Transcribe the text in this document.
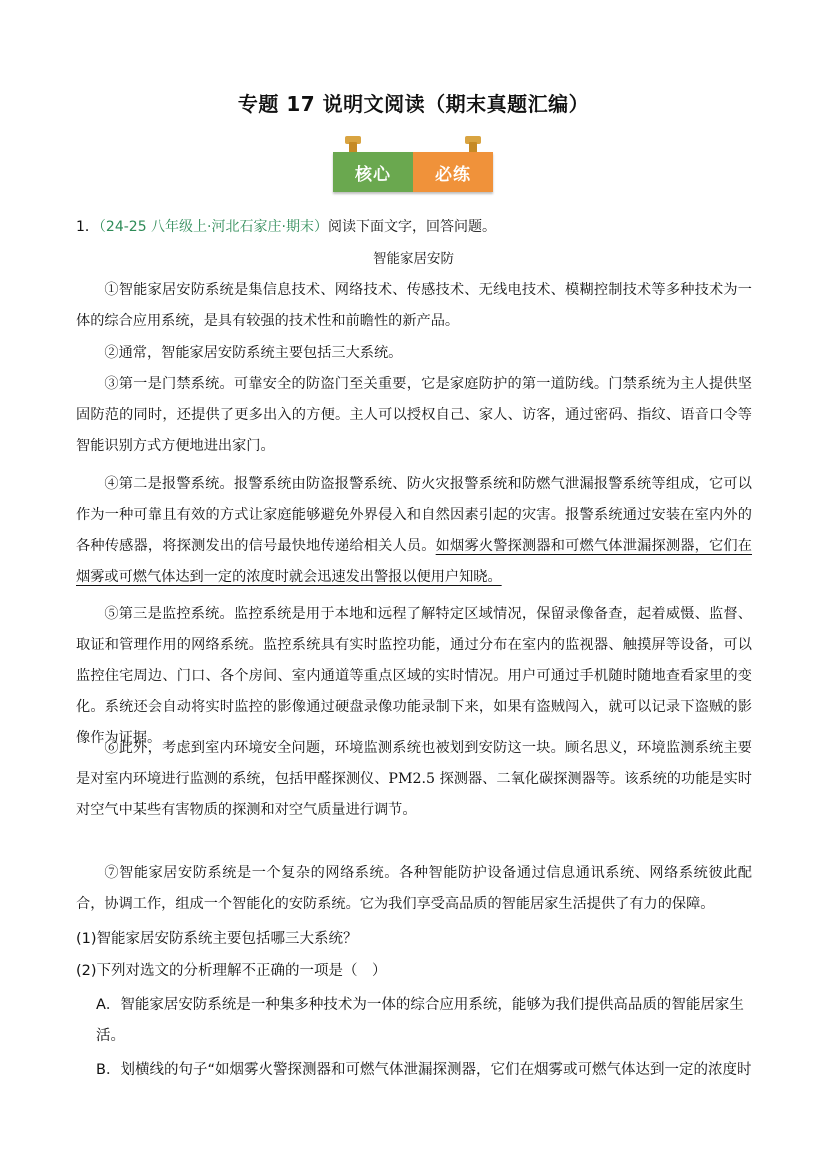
专题 17 说明文阅读（期末真题汇编）
核心	必练
1．（24-25 八年级上·河北石家庄·期末）阅读下面文字，回答问题。
智能家居安防
①智能家居安防系统是集信息技术、网络技术、传感技术、无线电技术、模糊控制技术等多种技术为一体的综合应用系统，是具有较强的技术性和前瞻性的新产品。
②通常，智能家居安防系统主要包括三大系统。
③第一是门禁系统。可靠安全的防盗门至关重要，它是家庭防护的第一道防线。门禁系统为主人提供坚固防范的同时，还提供了更多出入的方便。主人可以授权自己、家人、访客，通过密码、指纹、语音口令等智能识别方式方便地进出家门。
④第二是报警系统。报警系统由防盗报警系统、防火灾报警系统和防燃气泄漏报警系统等组成，它可以作为一种可靠且有效的方式让家庭能够避免外界侵入和自然因素引起的灾害。报警系统通过安装在室内外的各种传感器，将探测发出的信号最快地传递给相关人员。如烟雾火警探测器和可燃气体泄漏探测器，它们在烟雾或可燃气体达到一定的浓度时就会迅速发出警报以便用户知晓。
⑤第三是监控系统。监控系统是用于本地和远程了解特定区域情况，保留录像备查，起着威慑、监督、取证和管理作用的网络系统。监控系统具有实时监控功能，通过分布在室内的监视器、触摸屏等设备，可以监控住宅周边、门口、各个房间、室内通道等重点区域的实时情况。用户可通过手机随时随地查看家里的变化。系统还会自动将实时监控的影像通过硬盘录像功能录制下来，如果有盗贼闯入，就可以记录下盗贼的影像作为证据。
⑥此外，考虑到室内环境安全问题，环境监测系统也被划到安防这一块。顾名思义，环境监测系统主要是对室内环境进行监测的系统，包括甲醛探测仪、PM2.5 探测器、二氧化碳探测器等。该系统的功能是实时对空气中某些有害物质的探测和对空气质量进行调节。
⑦智能家居安防系统是一个复杂的网络系统。各种智能防护设备通过信息通讯系统、网络系统彼此配合，协调工作，组成一个智能化的安防系统。它为我们享受高品质的智能居家生活提供了有力的保障。
(1)智能家居安防系统主要包括哪三大系统？
(2)下列对选文的分析理解不正确的一项是（　）
A．智能家居安防系统是一种集多种技术为一体的综合应用系统，能够为我们提供高品质的智能居家生活。
B．划横线的句子“如烟雾火警探测器和可燃气体泄漏探测器，它们在烟雾或可燃气体达到一定的浓度时
